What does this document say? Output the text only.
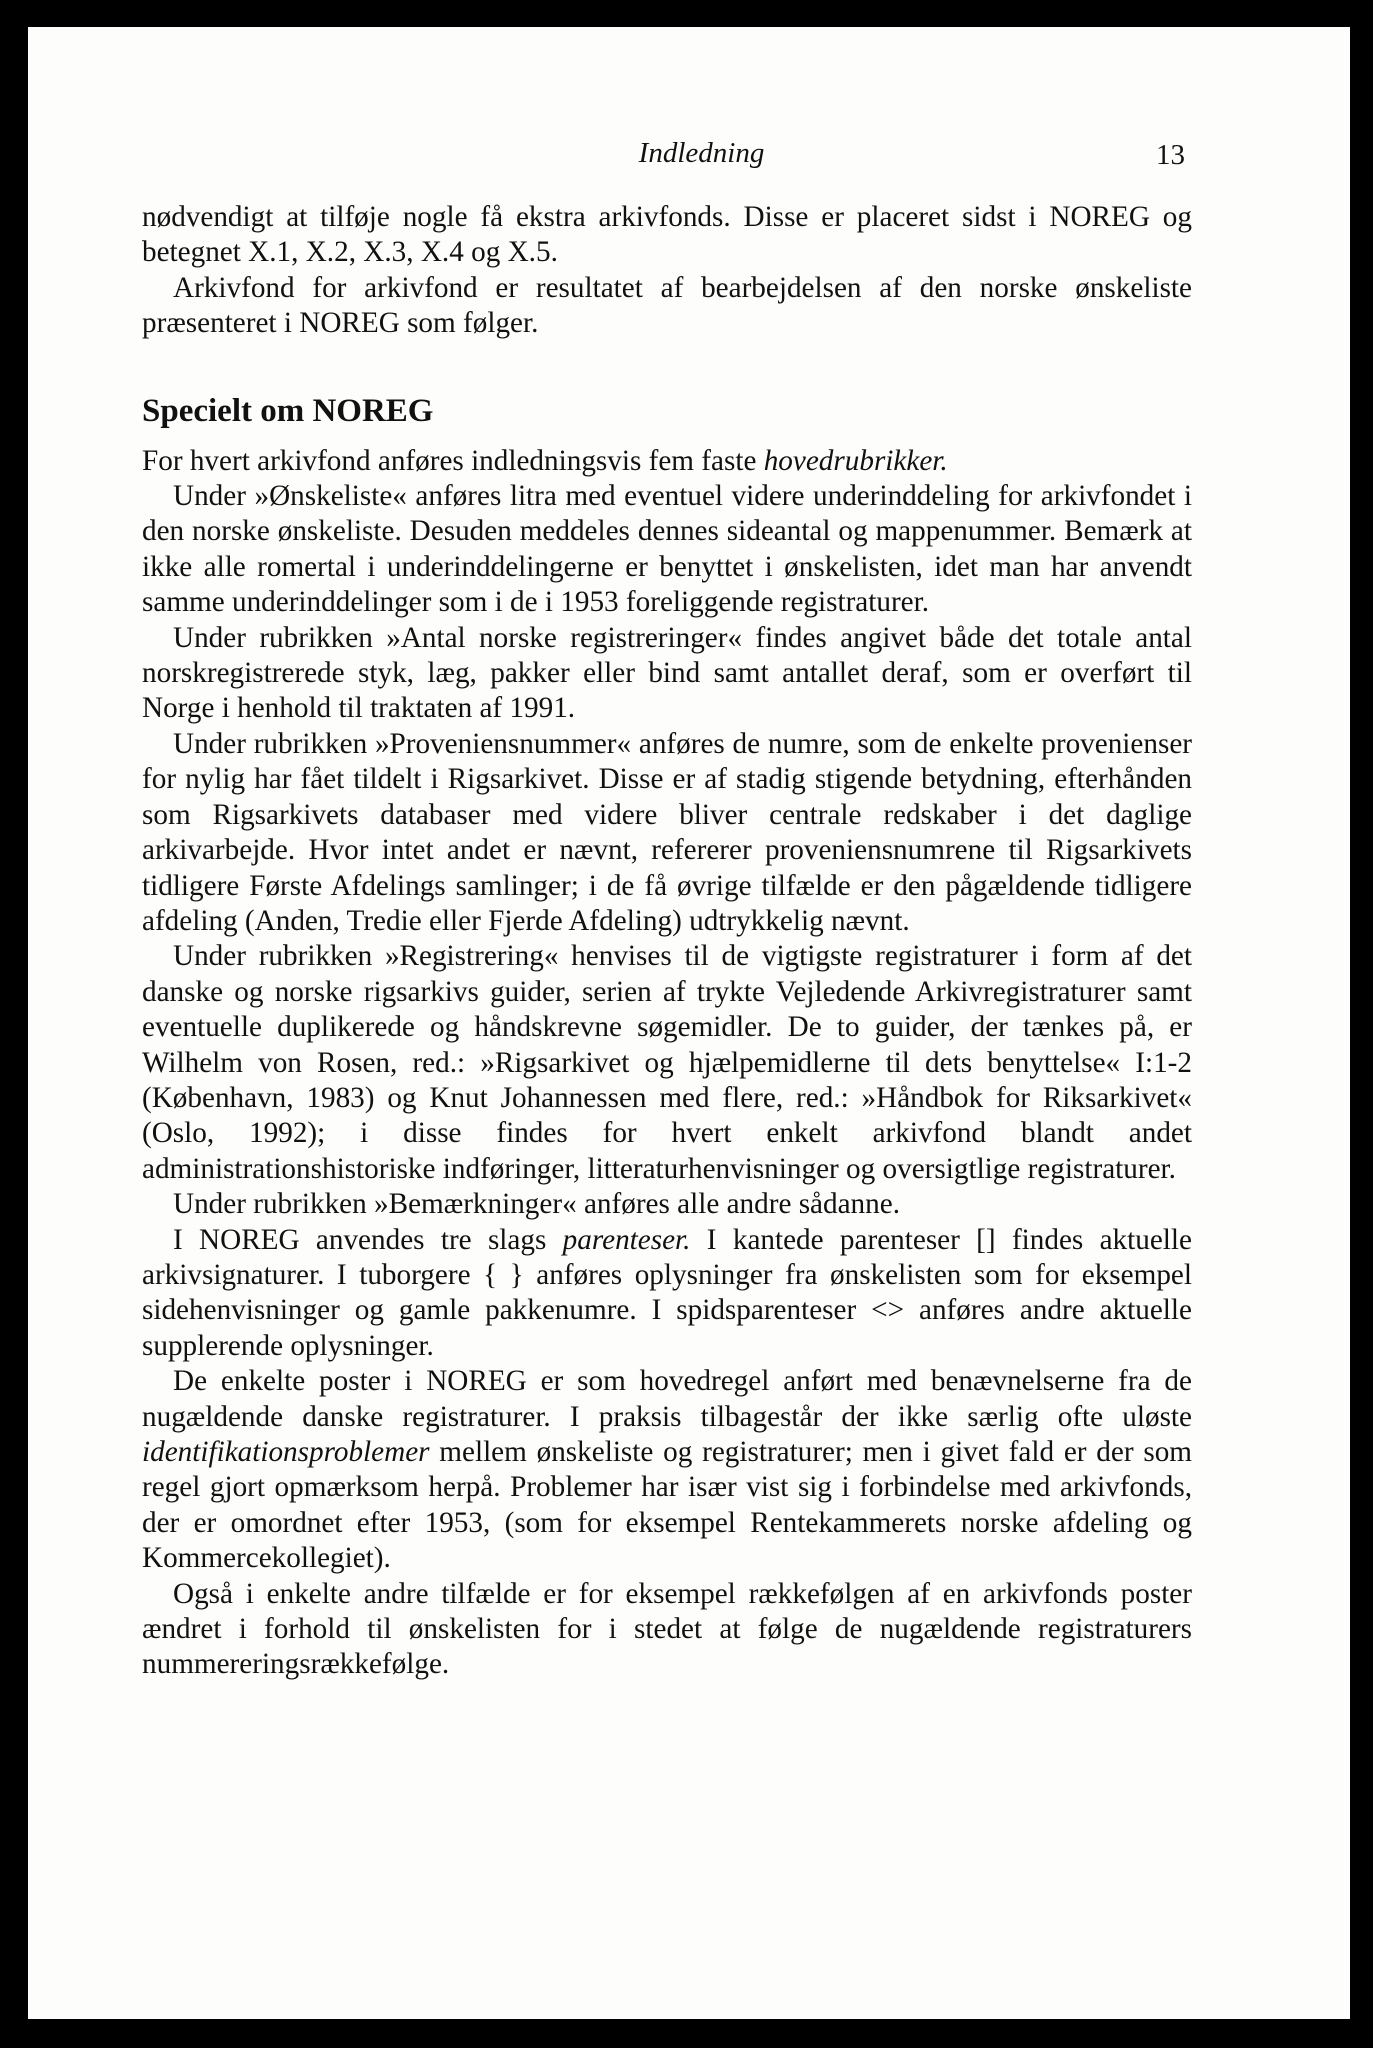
Indledning	13

nødvendigt at tilføje nogle få ekstra arkivfonds. Disse er placeret sidst i NOREG og betegnet X.1, X.2, X.3, X.4 og X.5.

Arkivfond for arkivfond er resultatet af bearbejdelsen af den norske ønskeliste præsenteret i NOREG som følger.

Specielt om NOREG

For hvert arkivfond anføres indledningsvis fem faste hovedrubrikker.

Under »Ønskeliste« anføres litra med eventuel videre underinddeling for arkivfondet i den norske ønskeliste. Desuden meddeles dennes sideantal og mappenummer. Bemærk at ikke alle romertal i underinddelingerne er benyttet i ønskelisten, idet man har anvendt samme underinddelinger som i de i 1953 foreliggende registraturer.

Under rubrikken »Antal norske registreringer« findes angivet både det totale antal norskregistrerede styk, læg, pakker eller bind samt antallet deraf, som er overført til Norge i henhold til traktaten af 1991.

Under rubrikken »Proveniensnummer« anføres de numre, som de enkelte provenienser for nylig har fået tildelt i Rigsarkivet. Disse er af stadig stigende betydning, efterhånden som Rigsarkivets databaser med videre bliver centrale redskaber i det daglige arkivarbejde. Hvor intet andet er nævnt, refererer proveniensnumrene til Rigsarkivets tidligere Første Afdelings samlinger; i de få øvrige tilfælde er den pågældende tidligere afdeling (Anden, Tredie eller Fjerde Afdeling) udtrykkelig nævnt.

Under rubrikken »Registrering« henvises til de vigtigste registraturer i form af det danske og norske rigsarkivs guider, serien af trykte Vejledende Arkivregistraturer samt eventuelle duplikerede og håndskrevne søgemidler. De to guider, der tænkes på, er Wilhelm von Rosen, red.: »Rigsarkivet og hjælpemidlerne til dets benyttelse« I:1-2 (København, 1983) og Knut Johannessen med flere, red.: »Håndbok for Riksarkivet« (Oslo, 1992); i disse findes for hvert enkelt arkivfond blandt andet administrationshistoriske indføringer, litteraturhenvisninger og oversigtlige registraturer.

Under rubrikken »Bemærkninger« anføres alle andre sådanne.

I NOREG anvendes tre slags parenteser. I kantede parenteser [] findes aktuelle arkivsignaturer. I tuborgere { } anføres oplysninger fra ønskelisten som for eksempel sidehenvisninger og gamle pakkenumre. I spidsparenteser <> anføres andre aktuelle supplerende oplysninger.

De enkelte poster i NOREG er som hovedregel anført med benævnelserne fra de nugældende danske registraturer. I praksis tilbagestår der ikke særlig ofte uløste identifikationsproblemer mellem ønskeliste og registraturer; men i givet fald er der som regel gjort opmærksom herpå. Problemer har især vist sig i forbindelse med arkivfonds, der er omordnet efter 1953, (som for eksempel Rentekammerets norske afdeling og Kommercekollegiet).

Også i enkelte andre tilfælde er for eksempel rækkefølgen af en arkivfonds poster ændret i forhold til ønskelisten for i stedet at følge de nugældende registraturers nummereringsrækkefølge.
